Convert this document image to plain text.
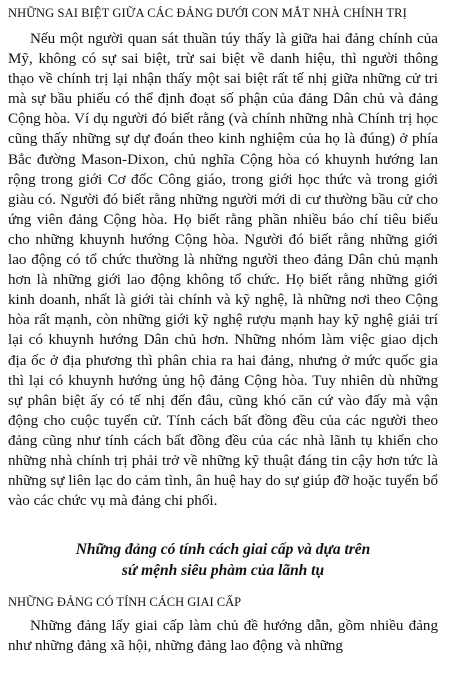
NHỮNG SAI BIỆT GIỮA CÁC ĐẢNG DƯỚI CON MẮT NHÀ CHÍNH TRỊ

Nếu một người quan sát thuần túy thấy là giữa hai đảng chính của Mỹ, không có sự sai biệt, trừ sai biệt về danh hiệu, thì người thông thạo về chính trị lại nhận thấy một sai biệt rất tế nhị giữa những cử tri mà sự bầu phiếu có thể định đoạt số phận của đảng Dân chủ và đảng Cộng hòa. Ví dụ người đó biết rằng (và chính những nhà Chính trị học cũng thấy những sự dự đoán theo kinh nghiệm của họ là đúng) ở phía Bắc đường Mason-Dixon, chủ nghĩa Cộng hòa có khuynh hướng lan rộng trong giới Cơ đốc Công giáo, trong giới học thức và trong giới giàu có. Người đó biết rằng những người mới di cư thường bầu cử cho ứng viên đảng Cộng hòa. Họ biết rằng phần nhiều báo chí tiêu biểu cho những khuynh hướng Cộng hòa. Người đó biết rằng những giới lao động có tổ chức thường là những người theo đảng Dân chủ mạnh hơn là những giới lao động không tổ chức. Họ biết rằng những giới kinh doanh, nhất là giới tài chính và kỹ nghệ, là những nơi theo Cộng hòa rất mạnh, còn những giới kỹ nghệ rượu mạnh hay kỹ nghệ giải trí lại có khuynh hướng Dân chủ hơn. Những nhóm làm việc giao dịch địa ốc ở địa phương thì phân chia ra hai đảng, nhưng ở mức quốc gia thì lại có khuynh hướng ủng hộ đảng Cộng hòa. Tuy nhiên dù những sự phân biệt ấy có tế nhị đến đâu, cũng khó căn cứ vào đấy mà vận động cho cuộc tuyển cử. Tính cách bất đồng đều của các người theo đảng cũng như tính cách bất đồng đều của các nhà lãnh tụ khiến cho những nhà chính trị phải trở về những kỹ thuật đáng tin cậy hơn tức là những sự liên lạc do cảm tình, ân huệ hay do sự giúp đỡ hoặc tuyển bổ vào các chức vụ mà đảng chi phối.

Những đảng có tính cách giai cấp và dựa trên
sứ mệnh siêu phàm của lãnh tụ
NHỮNG ĐẢNG CÓ TÍNH CÁCH GIAI CẤP

Những đảng lấy giai cấp làm chủ đề hướng dẫn, gồm nhiều đảng như những đảng xã hội, những đảng lao động và những
